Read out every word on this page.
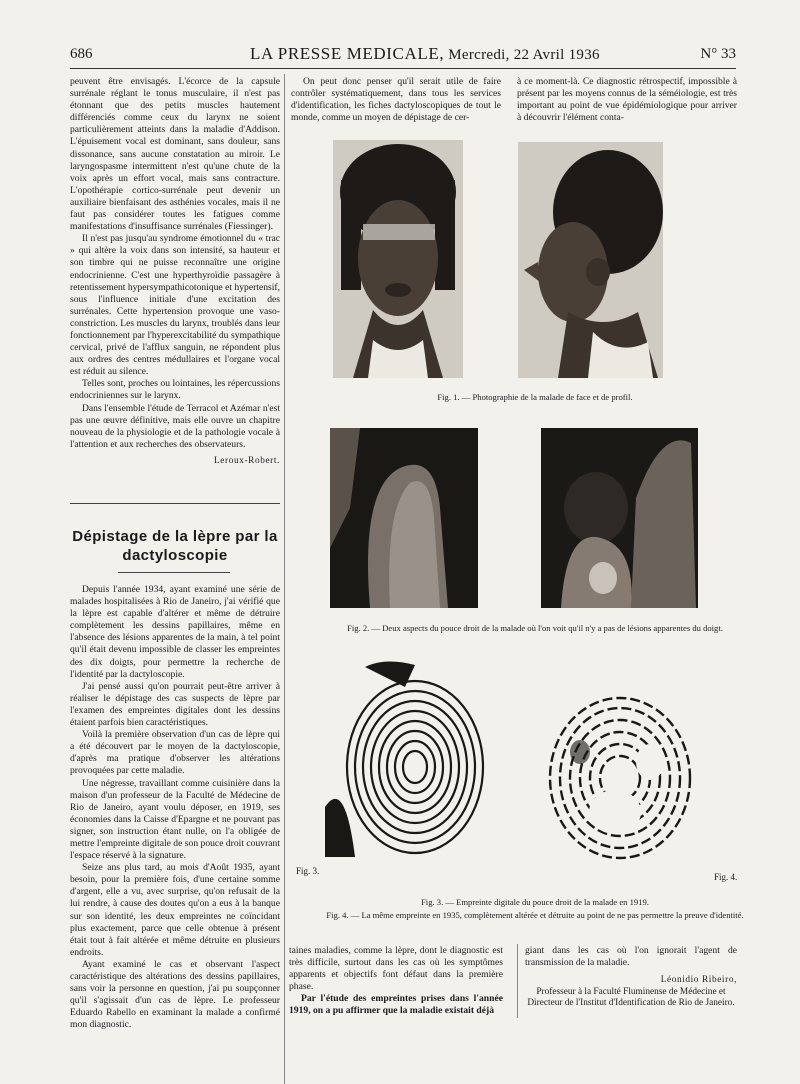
686	LA PRESSE MEDICALE, Mercredi, 22 Avril 1936	N° 33

peuvent être envisagés. L'écorce de la capsule surrénale réglant le tonus musculaire, il n'est pas étonnant que des petits muscles hautement différenciés comme ceux du larynx ne soient particulièrement atteints dans la maladie d'Addison. L'épuisement vocal est dominant, sans douleur, sans dissonance, sans aucune constatation au miroir. Le laryngospasme intermittent n'est qu'une chute de la voix après un effort vocal, mais sans contracture. L'opothérapie cortico-surrénale peut devenir un auxiliaire bienfaisant des asthénies vocales, mais il ne faut pas considérer toutes les fatigues comme manifestations d'insuffisance surrénales (Fiessinger).

Il n'est pas jusqu'au syndrome émotionnel du « trac » qui altère la voix dans son intensité, sa hauteur et son timbre qui ne puisse reconnaître une origine endocrinienne. C'est une hyperthyroïdie passagère à retentissement hypersympathicotonique et hypertensif, sous l'influence initiale d'une excitation des surrénales. Cette hypertension provoque une vaso-constriction. Les muscles du larynx, troublés dans leur fonctionnement par l'hyperexcitabilité du sympathique cervical, privé de l'afflux sanguin, ne répondent plus aux ordres des centres médullaires et l'organe vocal est réduit au silence.

Telles sont, proches ou lointaines, les répercussions endocriniennes sur le larynx.

Dans l'ensemble l'étude de Terracol et Azémar n'est pas une œuvre définitive, mais elle ouvre un chapitre nouveau de la physiologie et de la pathologie vocale à l'attention et aux recherches des observateurs.

Leroux-Robert.
Dépistage de la lèpre par la dactyloscopie

Depuis l'année 1934, ayant examiné une série de malades hospitalisées à Rio de Janeiro, j'ai vérifié que la lèpre est capable d'altérer et même de détruire complètement les dessins papillaires, même en l'absence des lésions apparentes de la main, à tel point qu'il était devenu impossible de classer les empreintes des dix doigts, pour permettre la recherche de l'identité par la dactyloscopie.

J'ai pensé aussi qu'on pourrait peut-être arriver à réaliser le dépistage des cas suspects de lèpre par l'examen des empreintes digitales dont les dessins étaient parfois bien caractéristiques.

Voilà la première observation d'un cas de lèpre qui a été découvert par le moyen de la dactyloscopie, d'après ma pratique d'observer les altérations provoquées par cette maladie.

Une négresse, travaillant comme cuisinière dans la maison d'un professeur de la Faculté de Médecine de Rio de Janeiro, ayant voulu déposer, en 1919, ses économies dans la Caisse d'Epargne et ne pouvant pas signer, son instruction étant nulle, on l'a obligée de mettre l'empreinte digitale de son pouce droit couvrant l'espace réservé à la signature.

Seize ans plus tard, au mois d'Août 1935, ayant besoin, pour la première fois, d'une certaine somme d'argent, elle a vu, avec surprise, qu'on refusait de la lui rendre, à cause des doutes qu'on a eus à la banque sur son identité, les deux empreintes ne coïncidant plus exactement, parce que celle obtenue à présent était tout à fait altérée et même détruite en plusieurs endroits.

Ayant examiné le cas et observant l'aspect caractéristique des altérations des dessins papillaires, sans voir la personne en question, j'ai pu soupçonner qu'il s'agissait d'un cas de lèpre. Le professeur Eduardo Rabello en examinant la malade a confirmé mon diagnostic.

On peut donc penser qu'il serait utile de faire contrôler systématiquement, dans tous les services d'identification, les fiches dactyloscopiques de tout le monde, comme un moyen de dépistage de cer-

à ce moment-là. Ce diagnostic rétrospectif, impossible à présent par les moyens connus de la séméiologie, est très important au point de vue épidémiologique pour arriver à découvrir l'élément conta-

Fig. 1. — Photographie de la malade de face et de profil.
Fig. 2. — Deux aspects du pouce droit de la malade où l'on voit qu'il n'y a pas de lésions apparentes du doigt.
Fig. 3.
Fig. 4.
Fig. 3. — Empreinte digitale du pouce droit de la malade en 1919.
Fig. 4. — La même empreinte en 1935, complètement altérée et détruite au point de ne pas permettre la preuve d'identité.

taines maladies, comme la lèpre, dont le diagnostic est très difficile, surtout dans les cas où les symptômes apparents et objectifs font défaut dans la première phase.

Par l'étude des empreintes prises dans l'année 1919, on a pu affirmer que la maladie existait déjà

giant dans les cas où l'on ignorait l'agent de transmission de la maladie.

Léonidio Ribeiro,
Professeur à la Faculté Fluminense de Médecine et Directeur de l'Institut d'Identification de Rio de Janeiro.
